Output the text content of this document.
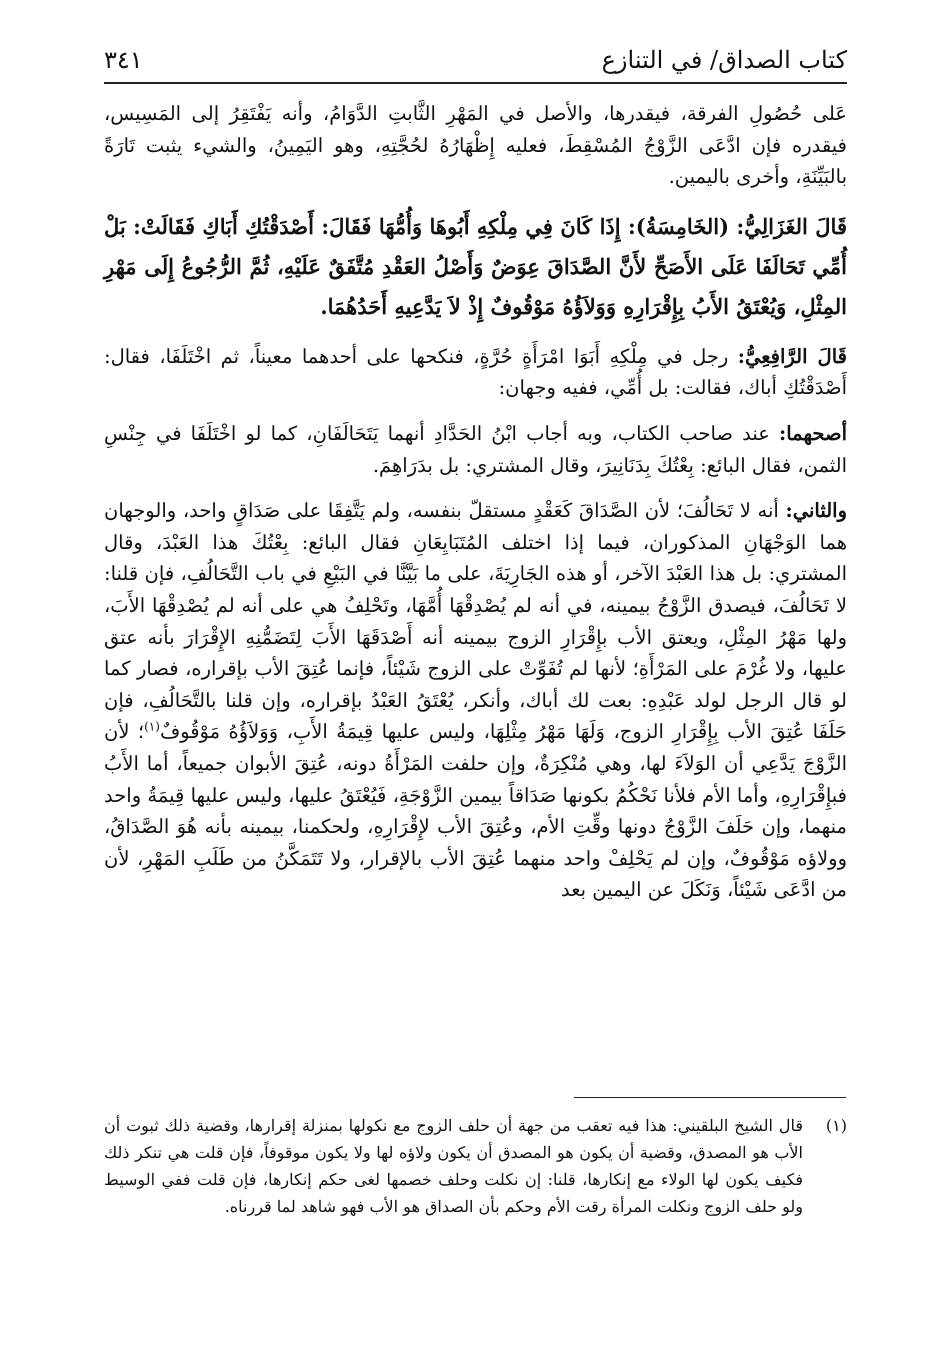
كتاب الصداق/ في التنازع
٣٤١

عَلى حُصُولِ الفرقة، فيقدرها، والأصل في المَهْرِ الثَّابتِ الدَّوَامُ، وأنه يَفْتَقِرُ إلى المَسِيس، فيقدره فإن ادَّعَى الزَّوْجُ المُسْقِطَ، فعليه إِظْهَارُهُ لحُجَّتِهِ، وهو اليَمِينُ، والشيء يثبت تَارَةً بالبَيِّنَةِ، وأخرى باليمين.

قَالَ الغَزَالِيُّ: (الخَامِسَةُ): إِذَا كَانَ فِي مِلْكِهِ أَبُوهَا وَأُمُّهَا فَقَالَ: أَصْدَقْتُكِ أَبَاكِ فَقَالَتْ: بَلْ أُمِّي تَحَالَفَا عَلَى الأَصَحِّ لأَنَّ الصَّدَاقَ عِوَضٌ وَأَصْلُ العَقْدِ مُتَّفَقٌ عَلَيْهِ، ثُمَّ الرُّجُوعُ إِلَى مَهْرِ المِثْلِ، وَيُعْتَقُ الأَبُ بِإِقْرَارِهِ وَوَلاَؤُهُ مَوْقُوفٌ إِذْ لاَ يَدَّعِيهِ أَحَدُهُمَا.

قَالَ الرَّافِعِيُّ: رجل في مِلْكِهِ أَبَوَا امْرَأَةٍ حُرَّةٍ، فنكحها على أحدهما معيناً، ثم اخْتَلَفَا، فقال: أَصْدَقْتُكِ أباك، فقالت: بل أُمِّي، ففيه وجهان:

أصحهما: عند صاحب الكتاب، وبه أجاب ابْنُ الحَدَّادِ أنهما يَتَحَالَفَانِ، كما لو اخْتَلَفَا في جِنْسِ الثمن، فقال البائع: بِعْتُكَ بِدَنَانِيرَ، وقال المشتري: بل بدَرَاهِمَ.

والثاني: أنه لا تَحَالُفَ؛ لأن الصَّدَاقَ كَعَقْدٍ مستقلّ بنفسه، ولم يَتَّفِقَا على صَدَاقٍ واحد، والوجهان هما الوَجْهَانِ المذكوران، فيما إذا اختلف المُتَبَايِعَانِ فقال البائع: بِعْتُكَ هذا العَبْدَ، وقال المشتري: بل هذا العَبْدَ الآخر، أو هذه الجَارِيَةَ، على ما بَيَّنَّا في البَيْعِ في باب التَّحَالُفِ، فإن قلنا: لا تَحَالُفَ، فيصدق الزَّوْجُ بيمينه، في أنه لم يُصْدِقْهَا أُمَّهَا، وتَحْلِفُ هي على أنه لم يُصْدِقْهَا الأَبَ، ولها مَهْرُ المِثْلِ، ويعتق الأب بإِقْرَارِ الزوج بيمينه أنه أَصْدَقَهَا الأَبَ لِتَضَمُّنِهِ الإِقْرَارَ بأنه عتق عليها، ولا غُرْمَ على المَرْأَةِ؛ لأنها لم تُفَوِّتْ على الزوج شَيْئاً، فإنما عُتِقَ الأب بإقراره، فصار كما لو قال الرجل لولد عَبْدِهِ: بعت لك أباك، وأنكر، يُعْتَقُ العَبْدُ بإقراره، وإن قلنا بالتَّحَالُفِ، فإن حَلَفَا عُتِقَ الأب بِإِقْرَارِ الزوج، وَلَهَا مَهْرُ مِثْلِهَا، وليس عليها قِيمَةُ الأَبِ، وَوَلاَؤُهُ مَوْقُوفٌ$^{(١)}$؛ لأن الزَّوْجَ يَدَّعِي أن الوَلاَءَ لها، وهي مُنْكِرَةٌ، وإن حلفت المَرْأَةُ دونه، عُتِقَ الأبوان جميعاً، أما الأَبُ فبإِقْرَارِهِ، وأما الأم فلأنا نَحْكُمُ بكونها صَدَاقاً بيمين الزَّوْجَةِ، فَيُعْتَقُ عليها، وليس عليها قِيمَةُ واحد منهما، وإن حَلَفَ الزَّوْجُ دونها وقِّتِ الأم، وعُتِقَ الأب لإِقْرَارِهِ، ولحكمنا، بيمينه بأنه هُوَ الصَّدَاقُ، وولاؤه مَوْقُوفٌ، وإن لم يَحْلِفْ واحد منهما عُتِقَ الأب بالإقرار، ولا تَتَمَكَّنُ من طَلَبِ المَهْرِ، لأن من ادَّعَى شَيْئاً، وَنَكَلَ عن اليمين بعد

(١)

قال الشيخ البلقيني: هذا فيه تعقب من جهة أن حلف الزوج مع نكولها بمنزلة إقرارها، وقضية ذلك ثبوت أن الأب هو المصدق، وقضية أن يكون هو المصدق أن يكون ولاؤه لها ولا يكون موقوفاً، فإن قلت هي تنكر ذلك فكيف يكون لها الولاء مع إنكارها، قلنا: إن نكلت وحلف خصمها لغى حكم إنكارها، فإن قلت ففي الوسيط ولو حلف الزوج ونكلت المرأة رقت الأم وحكم بأن الصداق هو الأب فهو شاهد لما قررناه.
